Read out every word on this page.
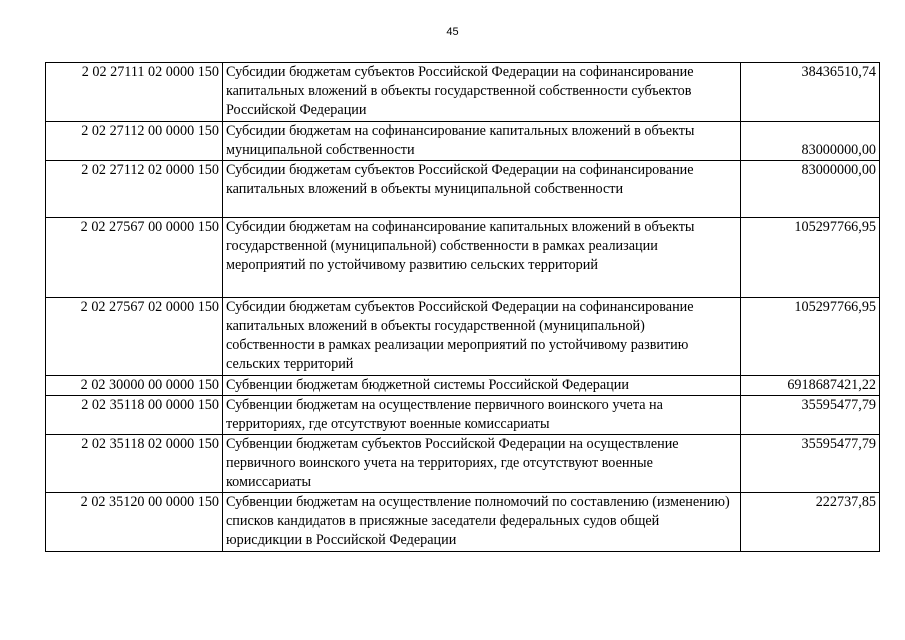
45
2 02 27111 02 0000 150	Субсидии бюджетам субъектов Российской Федерации на софинансирование капитальных вложений в объекты государственной собственности субъектов Российской Федерации	38436510,74
2 02 27112 00 0000 150	Субсидии бюджетам на софинансирование капитальных вложений в объекты муниципальной собственности	83000000,00
2 02 27112 02 0000 150	Субсидии бюджетам субъектов Российской Федерации на софинансирование капитальных вложений в объекты муниципальной собственности	83000000,00
2 02 27567 00 0000 150	Субсидии бюджетам на софинансирование капитальных вложений в объекты государственной (муниципальной) собственности в рамках реализации мероприятий по устойчивому развитию сельских территорий	105297766,95
2 02 27567 02 0000 150	Субсидии бюджетам субъектов Российской Федерации на софинансирование капитальных вложений в объекты государственной (муниципальной) собственности в рамках реализации мероприятий по устойчивому развитию сельских территорий	105297766,95
2 02 30000 00 0000 150	Субвенции бюджетам бюджетной системы Российской Федерации	6918687421,22
2 02 35118 00 0000 150	Субвенции бюджетам на осуществление первичного воинского учета на территориях, где отсутствуют военные комиссариаты	35595477,79
2 02 35118 02 0000 150	Субвенции бюджетам субъектов Российской Федерации на осуществление первичного воинского учета на территориях, где отсутствуют военные комиссариаты	35595477,79
2 02 35120 00 0000 150	Субвенции бюджетам на осуществление полномочий по составлению (изменению) списков кандидатов в присяжные заседатели федеральных судов общей юрисдикции в Российской Федерации	222737,85
